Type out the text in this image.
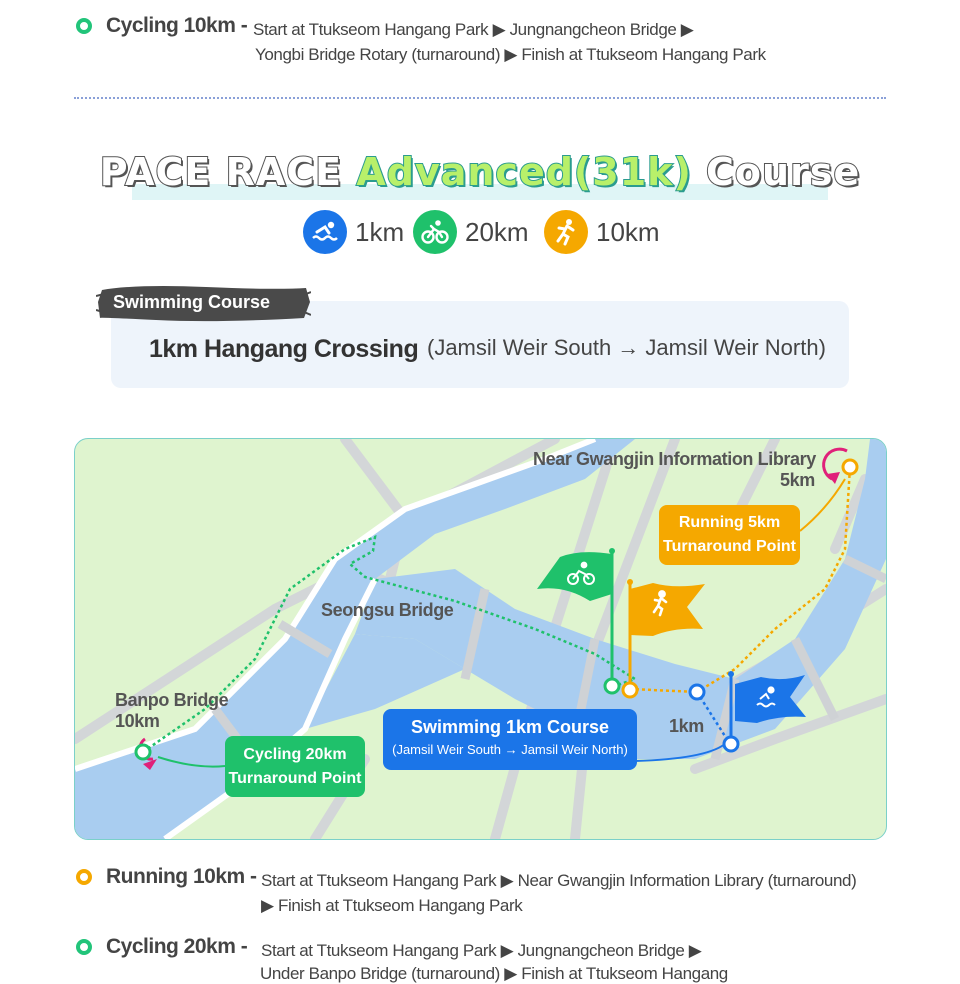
Cycling 10km - Start at Ttukseom Hangang Park ▶ Jungnangcheon Bridge ▶
Yongbi Bridge Rotary (turnaround) ▶ Finish at Ttukseom Hangang Park
PACE RACE Advanced(31k) Course
1km 20km	10km
1km Hangang Crossing (Jamsil Weir South → Jamsil Weir North)
Swimming Course
Near Gwangjin Information Library
5km
Running 5km
Turnaround Point
Seongsu Bridge
Banpo Bridge
10km
Cycling 20km
Turnaround Point
Swimming 1km Course
(Jamsil Weir South → Jamsil Weir North)
1km
Running 10km - Start at Ttukseom Hangang Park ▶ Near Gwangjin Information Library (turnaround)
▶ Finish at Ttukseom Hangang Park
Cycling 20km - Start at Ttukseom Hangang Park ▶ Jungnangcheon Bridge ▶
Under Banpo Bridge (turnaround) ▶ Finish at Ttukseom Hangang
